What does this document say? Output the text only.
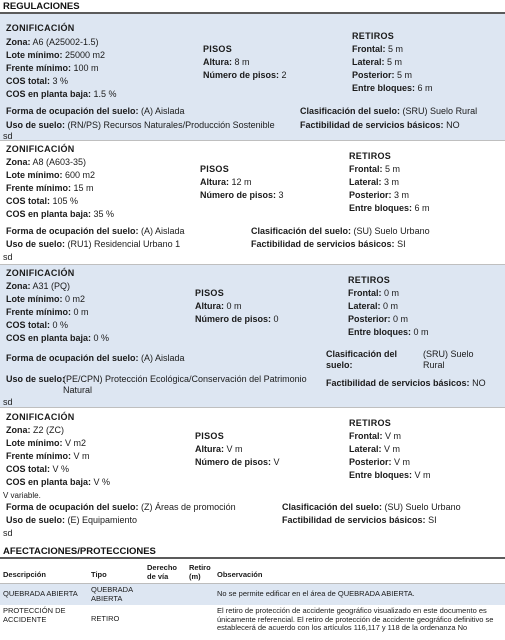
REGULACIONES
ZONIFICACIÓN
Zona: A6 (A25002-1.5)
Lote mínimo: 25000 m2
Frente mínimo: 100 m
COS total: 3 %
COS en planta baja: 1.5 %
PISOS
Altura: 8 m
Número de pisos: 2
RETIROS
Frontal: 5 m
Lateral: 5 m
Posterior: 5 m
Entre bloques: 6 m
Forma de ocupación del suelo: (A) Aislada
Uso de suelo: (RN/PS) Recursos Naturales/Producción Sostenible
Clasificación del suelo: (SRU) Suelo Rural
Factibilidad de servicios básicos: NO
sd
ZONIFICACIÓN
Zona: A8 (A603-35)
Lote mínimo: 600 m2
Frente mínimo: 15 m
COS total: 105 %
COS en planta baja: 35 %
PISOS
Altura: 12 m
Número de pisos: 3
RETIROS
Frontal: 5 m
Lateral: 3 m
Posterior: 3 m
Entre bloques: 6 m
Forma de ocupación del suelo: (A) Aislada
Uso de suelo: (RU1) Residencial Urbano 1
Clasificación del suelo: (SU) Suelo Urbano
Factibilidad de servicios básicos: SI
sd
ZONIFICACIÓN
Zona: A31 (PQ)
Lote mínimo: 0 m2
Frente mínimo: 0 m
COS total: 0 %
COS en planta baja: 0 %
PISOS
Altura: 0 m
Número de pisos: 0
RETIROS
Frontal: 0 m
Lateral: 0 m
Posterior: 0 m
Entre bloques: 0 m
Forma de ocupación del suelo: (A) Aislada
Uso de suelo:
(PE/CPN) Protección Ecológica/Conservación del Patrimonio Natural
Clasificación del
suelo:
(SRU) Suelo Rural
Factibilidad de servicios básicos: NO
sd
ZONIFICACIÓN
Zona: Z2 (ZC)
Lote mínimo: V m2
Frente mínimo: V m
COS total: V %
COS en planta baja: V %
V variable.
PISOS
Altura: V m
Número de pisos: V
RETIROS
Frontal: V m
Lateral: V m
Posterior: V m
Entre bloques: V m
Forma de ocupación del suelo: (Z) Áreas de promoción
Uso de suelo: (E) Equipamiento
Clasificación del suelo: (SU) Suelo Urbano
Factibilidad de servicios básicos: SI
sd
AFECTACIONES/PROTECCIONES
Descripción	Tipo	Derecho de vía	Retiro (m)	Observación
QUEBRADA ABIERTA	QUEBRADA ABIERTA			No se permite edificar en el área de QUEBRADA ABIERTA.
PROTECCIÓN DE ACCIDENTE	RETIRO			El retiro de protección de accidente geográfico visualizado en este documento es únicamente referencial. El retiro de protección de accidente geográfico definitivo se establecerá de acuerdo con los artículos 116,117 y 118 de la ordenanza No
